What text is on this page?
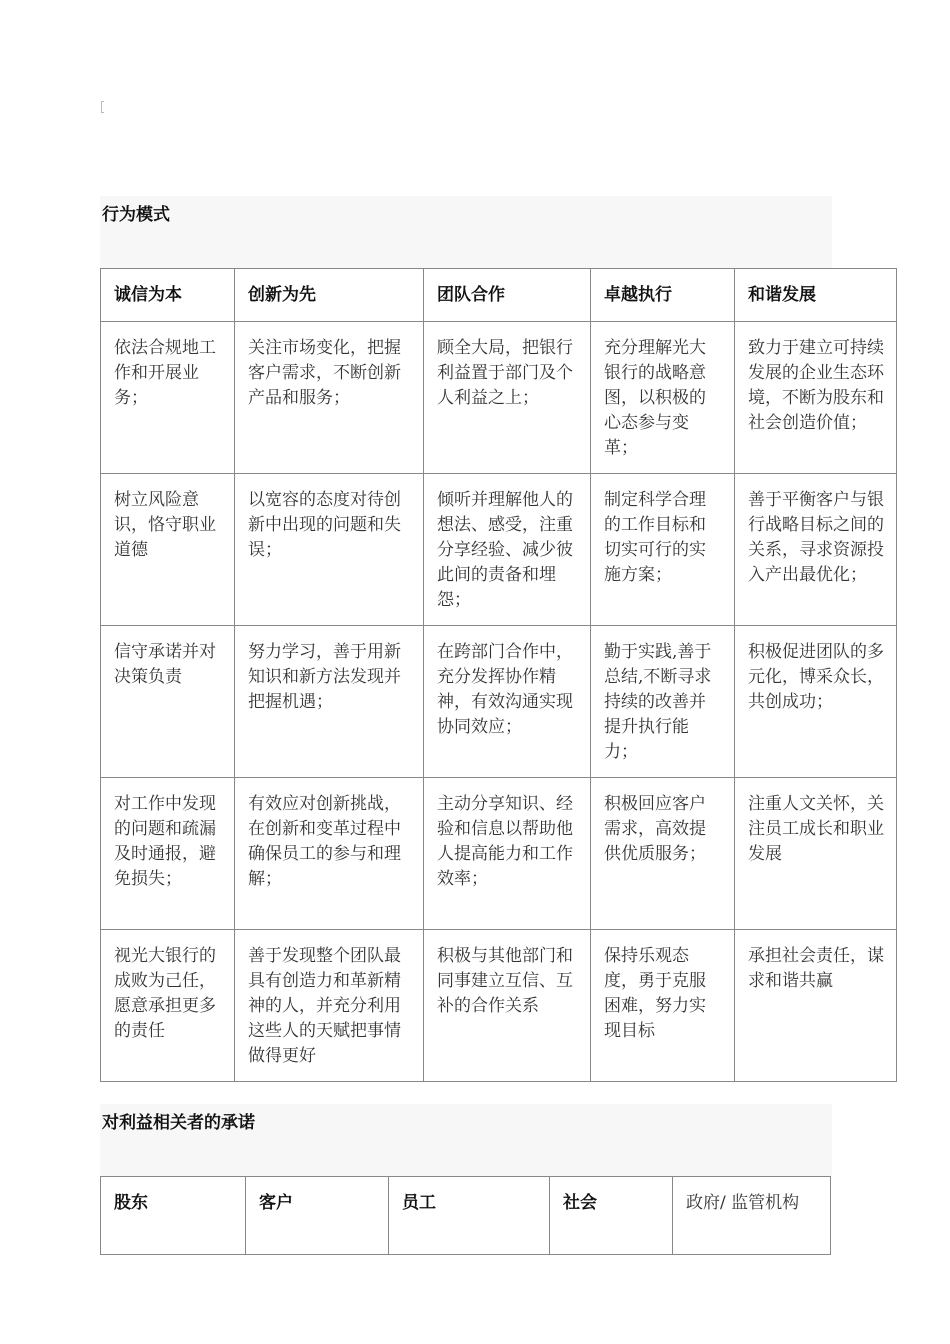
行为模式
诚信为本	创新为先	团队合作	卓越执行	和谐发展

依法合规地工作和开展业务；	关注市场变化，把握客户需求，不断创新产品和服务；	顾全大局，把银行利益置于部门及个人利益之上；	充分理解光大银行的战略意图，以积极的心态参与变革；	致力于建立可持续发展的企业生态环境，不断为股东和社会创造价值；

树立风险意识，恪守职业道德	以宽容的态度对待创新中出现的问题和失误；	倾听并理解他人的想法、感受，注重分享经验、减少彼此间的责备和埋怨；	制定科学合理的工作目标和切实可行的实施方案；	善于平衡客户与银行战略目标之间的关系，寻求资源投入产出最优化；

信守承诺并对决策负责	努力学习，善于用新知识和新方法发现并把握机遇；	在跨部门合作中，充分发挥协作精神，有效沟通实现协同效应；	勤于实践,善于总结,不断寻求持续的改善并提升执行能力；	积极促进团队的多元化，博采众长，共创成功；

对工作中发现的问题和疏漏及时通报，避免损失；	有效应对创新挑战，在创新和变革过程中确保员工的参与和理解；	主动分享知识、经验和信息以帮助他人提高能力和工作效率；	积极回应客户需求，高效提供优质服务；	注重人文关怀，关注员工成长和职业发展

视光大银行的成败为己任，愿意承担更多的责任	善于发现整个团队最具有创造力和革新精神的人，并充分利用这些人的天赋把事情做得更好	积极与其他部门和同事建立互信、互补的合作关系	保持乐观态度，勇于克服困难，努力实现目标	承担社会责任，谋求和谐共赢
对利益相关者的承诺
股东	客户	员工	社会	政府/ 监管机构
